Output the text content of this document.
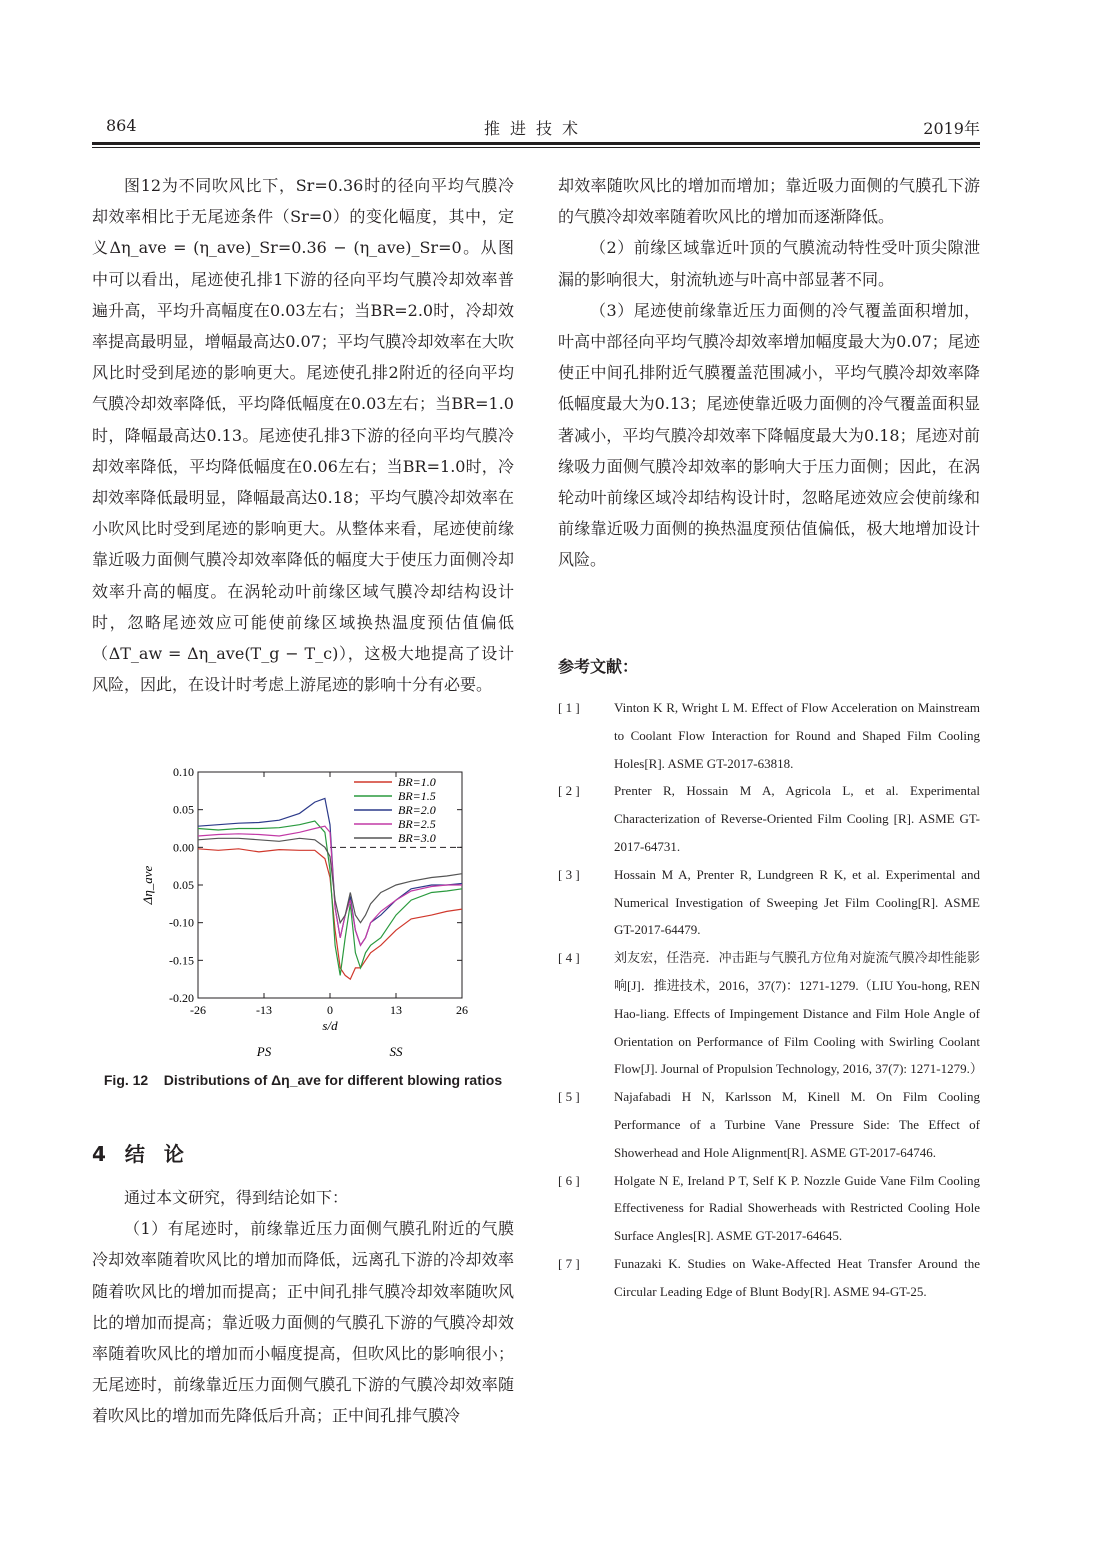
864	推进技术	2019年

图12为不同吹风比下，Sr=0.36时的径向平均气膜冷却效率相比于无尾迹条件（Sr=0）的变化幅度，其中，定义Δη_ave = (η_ave)_Sr=0.36 − (η_ave)_Sr=0。从图中可以看出，尾迹使孔排1下游的径向平均气膜冷却效率普遍升高，平均升高幅度在0.03左右；当BR=2.0时，冷却效率提高最明显，增幅最高达0.07；平均气膜冷却效率在大吹风比时受到尾迹的影响更大。尾迹使孔排2附近的径向平均气膜冷却效率降低，平均降低幅度在0.03左右；当BR=1.0时，降幅最高达0.13。尾迹使孔排3下游的径向平均气膜冷却效率降低，平均降低幅度在0.06左右；当BR=1.0时，冷却效率降低最明显，降幅最高达0.18；平均气膜冷却效率在小吹风比时受到尾迹的影响更大。从整体来看，尾迹使前缘靠近吸力面侧气膜冷却效率降低的幅度大于使压力面侧冷却效率升高的幅度。在涡轮动叶前缘区域气膜冷却结构设计时，忽略尾迹效应可能使前缘区域换热温度预估值偏低（ΔT_aw = Δη_ave(T_g − T_c)），这极大地提高了设计风险，因此，在设计时考虑上游尾迹的影响十分有必要。

-26	-13	0	13	26
0.10
0.05
0.00
0.05
-0.10
-0.15
-0.20
s/d
Δη_ave
PS	SS
BR=1.0
BR=1.5
BR=2.0
BR=2.5
BR=3.0
Fig. 12 Distributions of Δη_ave for different blowing ratios
4 结 论

通过本文研究，得到结论如下：

（1）有尾迹时，前缘靠近压力面侧气膜孔附近的气膜冷却效率随着吹风比的增加而降低，远离孔下游的冷却效率随着吹风比的增加而提高；正中间孔排气膜冷却效率随吹风比的增加而提高；靠近吸力面侧的气膜孔下游的气膜冷却效率随着吹风比的增加而小幅度提高，但吹风比的影响很小；无尾迹时，前缘靠近压力面侧气膜孔下游的气膜冷却效率随着吹风比的增加而先降低后升高；正中间孔排气膜冷

却效率随吹风比的增加而增加；靠近吸力面侧的气膜孔下游的气膜冷却效率随着吹风比的增加而逐渐降低。

（2）前缘区域靠近叶顶的气膜流动特性受叶顶尖隙泄漏的影响很大，射流轨迹与叶高中部显著不同。

（3）尾迹使前缘靠近压力面侧的冷气覆盖面积增加，叶高中部径向平均气膜冷却效率增加幅度最大为0.07；尾迹使正中间孔排附近气膜覆盖范围减小，平均气膜冷却效率降低幅度最大为0.13；尾迹使靠近吸力面侧的冷气覆盖面积显著减小，平均气膜冷却效率下降幅度最大为0.18；尾迹对前缘吸力面侧气膜冷却效率的影响大于压力面侧；因此，在涡轮动叶前缘区域冷却结构设计时，忽略尾迹效应会使前缘和前缘靠近吸力面侧的换热温度预估值偏低，极大地增加设计风险。

参考文献：
[ 1 ]	Vinton K R, Wright L M. Effect of Flow Acceleration on Mainstream to Coolant Flow Interaction for Round and Shaped Film Cooling Holes[R]. ASME GT-2017-63818.
[ 2 ]	Prenter R, Hossain M A, Agricola L, et al. Experimental Characterization of Reverse-Oriented Film Cooling [R]. ASME GT-2017-64731.
[ 3 ]	Hossain M A, Prenter R, Lundgreen R K, et al. Experimental and Numerical Investigation of Sweeping Jet Film Cooling[R]. ASME GT-2017-64479.
[ 4 ]	刘友宏，任浩亮．冲击距与气膜孔方位角对旋流气膜冷却性能影响[J]．推进技术，2016，37(7)：1271-1279.（LIU You-hong, REN Hao-liang. Effects of Impingement Distance and Film Hole Angle of Orientation on Performance of Film Cooling with Swirling Coolant Flow[J]. Journal of Propulsion Technology, 2016, 37(7): 1271-1279.）
[ 5 ]	Najafabadi H N, Karlsson M, Kinell M. On Film Cooling Performance of a Turbine Vane Pressure Side: The Effect of Showerhead and Hole Alignment[R]. ASME GT-2017-64746.
[ 6 ]	Holgate N E, Ireland P T, Self K P. Nozzle Guide Vane Film Cooling Effectiveness for Radial Showerheads with Restricted Cooling Hole Surface Angles[R]. ASME GT-2017-64645.
[ 7 ]	Funazaki K. Studies on Wake-Affected Heat Transfer Around the Circular Leading Edge of Blunt Body[R]. ASME 94-GT-25.
